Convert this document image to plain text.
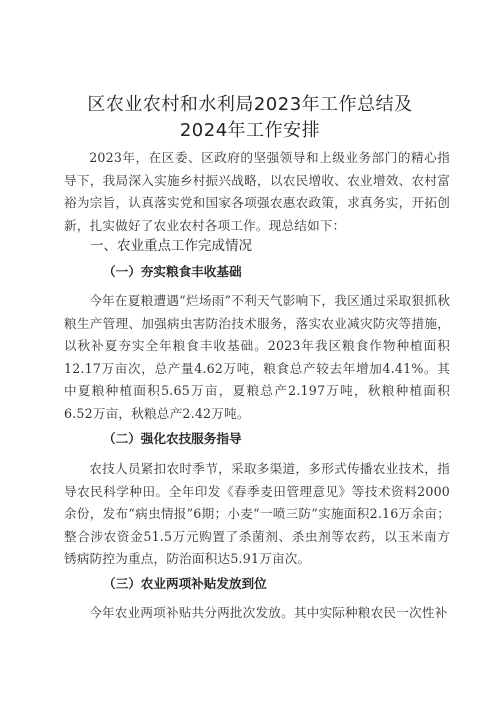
区农业农村和水利局2023年工作总结及
2024年工作安排
2023年，在区委、区政府的坚强领导和上级业务部门的精心指导下，我局深入实施乡村振兴战略，以农民增收、农业增效、农村富裕为宗旨，认真落实党和国家各项强农惠农政策，求真务实，开拓创新，扎实做好了农业农村各项工作。现总结如下：
一、农业重点工作完成情况
（一）夯实粮食丰收基础
今年在夏粮遭遇“烂场雨”不利天气影响下，我区通过采取狠抓秋粮生产管理、加强病虫害防治技术服务，落实农业减灾防灾等措施，以秋补夏夯实全年粮食丰收基础。2023年我区粮食作物种植面积12.17万亩次，总产量4.62万吨，粮食总产较去年增加4.41%。其中夏粮种植面积5.65万亩，夏粮总产2.197万吨，秋粮种植面积6.52万亩，秋粮总产2.42万吨。
（二）强化农技服务指导
农技人员紧扣农时季节，采取多渠道，多形式传播农业技术，指导农民科学种田。全年印发《春季麦田管理意见》等技术资料2000余份，发布“病虫情报”6期；小麦“一喷三防”实施面积2.16万余亩；整合涉农资金51.5万元购置了杀菌剂、杀虫剂等农药，以玉米南方锈病防控为重点，防治面积达5.91万亩次。
（三）农业两项补贴发放到位
今年农业两项补贴共分两批次发放。其中实际种粮农民一次性补
